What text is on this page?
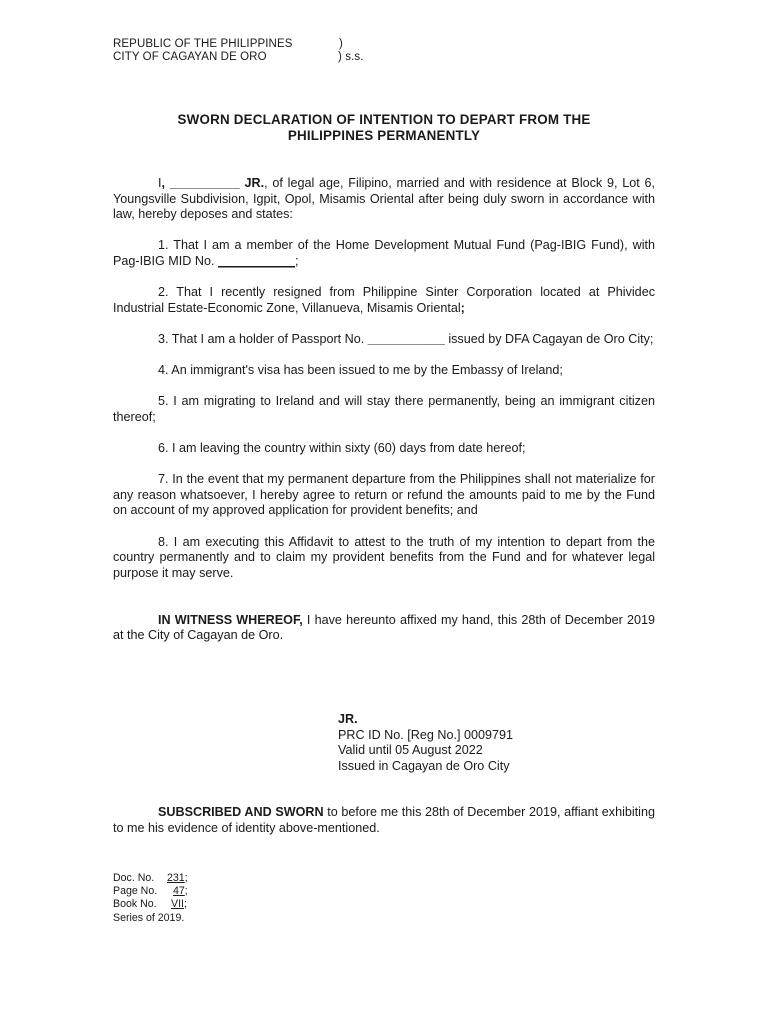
REPUBLIC OF THE PHILIPPINES	)
CITY OF CAGAYAN DE ORO	) s.s.
SWORN DECLARATION OF INTENTION TO DEPART FROM THE
PHILIPPINES PERMANENTLY

I, __________ JR., of legal age, Filipino, married and with residence at Block 9, Lot 6, Youngsville Subdivision, Igpit, Opol, Misamis Oriental after being duly sworn in accordance with law, hereby deposes and states:

1. That I am a member of the Home Development Mutual Fund (Pag-IBIG Fund), with Pag-IBIG MID No. ___________;

2. That I recently resigned from Philippine Sinter Corporation located at Phividec Industrial Estate-Economic Zone, Villanueva, Misamis Oriental;

3. That I am a holder of Passport No. ___________ issued by DFA Cagayan de Oro City;

4. An immigrant's visa has been issued to me by the Embassy of Ireland;

5. I am migrating to Ireland and will stay there permanently, being an immigrant citizen thereof;

6. I am leaving the country within sixty (60) days from date hereof;

7. In the event that my permanent departure from the Philippines shall not materialize for any reason whatsoever, I hereby agree to return or refund the amounts paid to me by the Fund on account of my approved application for provident benefits; and

8. I am executing this Affidavit to attest to the truth of my intention to depart from the country permanently and to claim my provident benefits from the Fund and for whatever legal purpose it may serve.

IN WITNESS WHEREOF, I have hereunto affixed my hand, this 28th of December 2019 at the City of Cagayan de Oro.

JR.
PRC ID No. [Reg No.] 0009791
Valid until 05 August 2022
Issued in Cagayan de Oro City

SUBSCRIBED AND SWORN to before me this 28th of December 2019, affiant exhibiting to me his evidence of identity above-mentioned.

Doc. No. 231;
Page No. 47;
Book No. VII;
Series of 2019.
